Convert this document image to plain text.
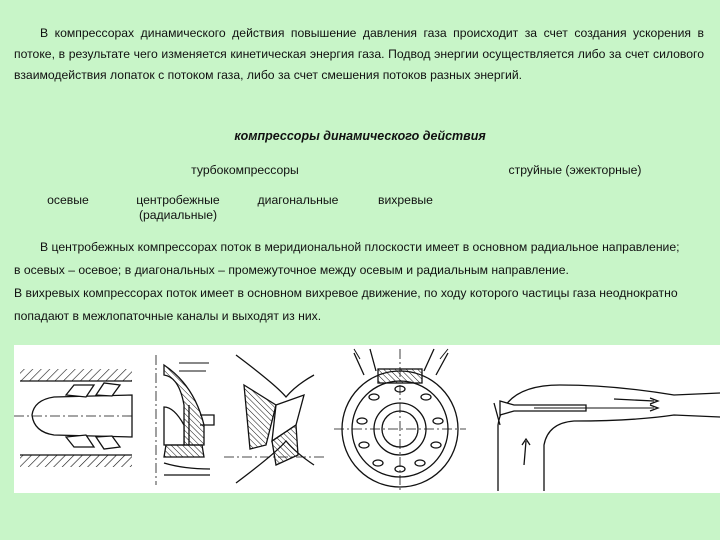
В компрессорах динамического действия повышение давления газа происходит за счет создания ускорения в потоке, в результате чего изменяется кинетическая энергия газа. Подвод энергии осуществляется либо за счет силового взаимодействия лопаток с потоком газа, либо за счет смешения потоков разных энергий.

компрессоры динамического действия
турбокомпрессоры	струйные (эжекторные)
осевые	центробежные
(радиальные)
диагональные	вихревые
В центробежных компрессорах поток в меридиональной плоскости имеет в основном радиальное направление;
в осевых – осевое; в диагональных – промежуточное между осевым и радиальным направление.
В вихревых компрессорах поток имеет в основном вихревое движение, по ходу которого частицы газа неоднократно
попадают в межлопаточные каналы и выходят из них.
